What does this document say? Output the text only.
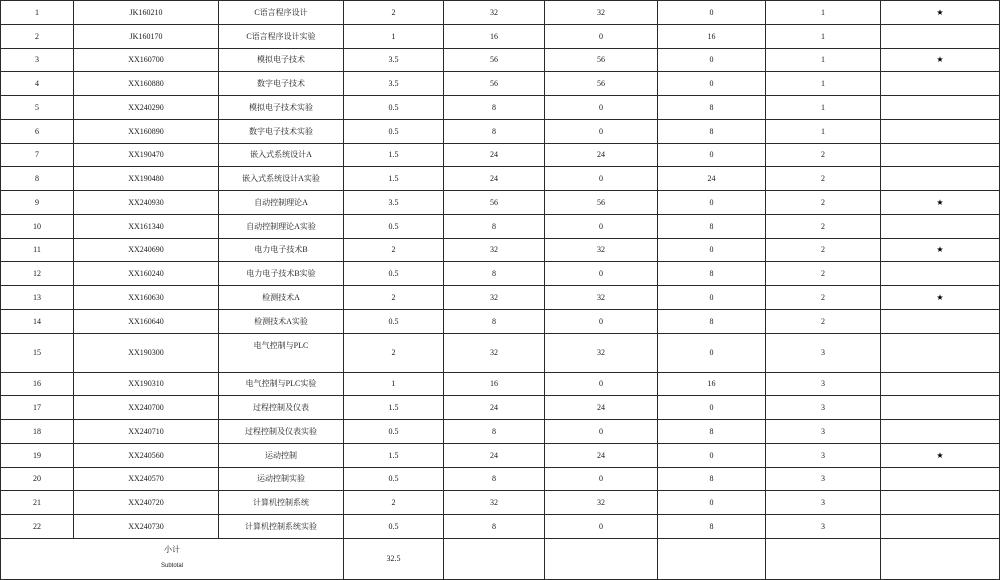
1	JK160210	C语言程序设计	2	32	32	0	1	★
2	JK160170	C语言程序设计实验	1	16	0	16	1	
3	XX160700	模拟电子技术	3.5	56	56	0	1	★
4	XX160880	数字电子技术	3.5	56	56	0	1	
5	XX240290	模拟电子技术实验	0.5	8	0	8	1	
6	XX160890	数字电子技术实验	0.5	8	0	8	1	
7	XX190470	嵌入式系统设计A	1.5	24	24	0	2	
8	XX190480	嵌入式系统设计A实验	1.5	24	0	24	2	
9	XX240930	自动控制理论A	3.5	56	56	0	2	★
10	XX161340	自动控制理论A实验	0.5	8	0	8	2	
11	XX240690	电力电子技术B	2	32	32	0	2	★
12	XX160240	电力电子技术B实验	0.5	8	0	8	2	
13	XX160630	检测技术A	2	32	32	0	2	★
14	XX160640	检测技术A实验	0.5	8	0	8	2	
15	XX190300	电气控制与PLC	2	32	32	0	3	
16	XX190310	电气控制与PLC实验	1	16	0	16	3	
17	XX240700	过程控制及仪表	1.5	24	24	0	3	
18	XX240710	过程控制及仪表实验	0.5	8	0	8	3	
19	XX240560	运动控制	1.5	24	24	0	3	★
20	XX240570	运动控制实验	0.5	8	0	8	3	
21	XX240720	计算机控制系统	2	32	32	0	3	
22	XX240730	计算机控制系统实验	0.5	8	0	8	3	

小计
Subtotal			32.5					
